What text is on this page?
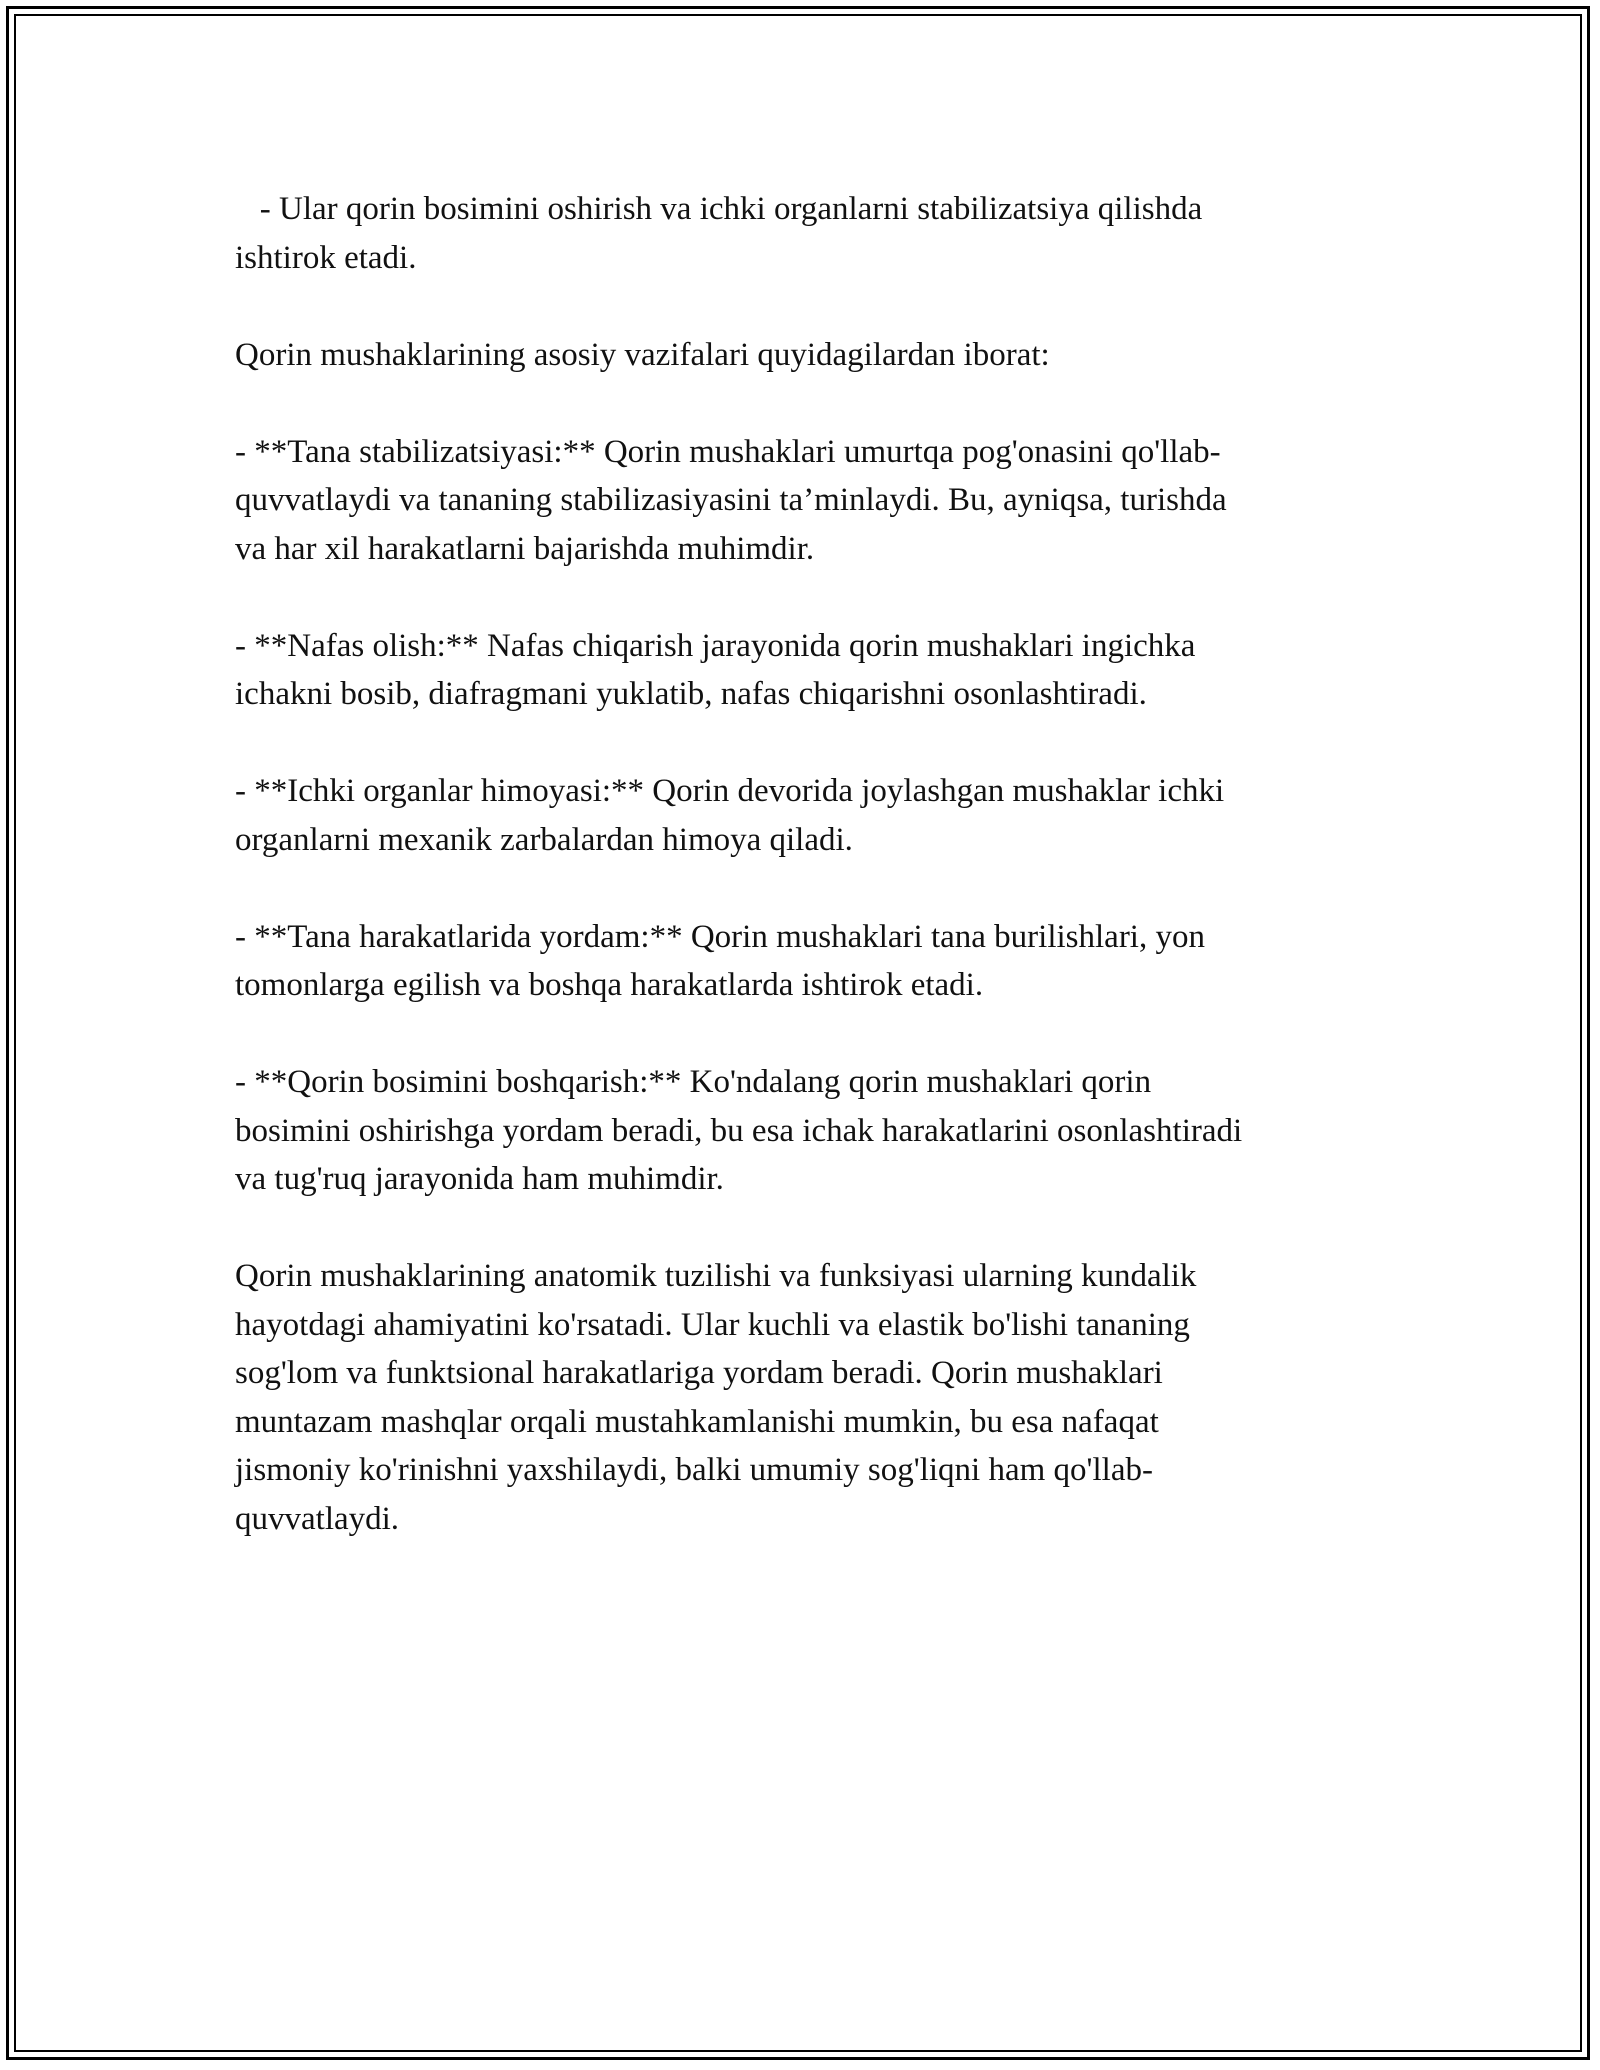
- Ular qorin bosimini oshirish va ichki organlarni stabilizatsiya qilishda
ishtirok etadi.

Qorin mushaklarining asosiy vazifalari quyidagilardan iborat:

- **Tana stabilizatsiyasi:** Qorin mushaklari umurtqa pog'onasini qo'llab-
quvvatlaydi va tananing stabilizasiyasini ta’minlaydi. Bu, ayniqsa, turishda
va har xil harakatlarni bajarishda muhimdir.

- **Nafas olish:** Nafas chiqarish jarayonida qorin mushaklari ingichka
ichakni bosib, diafragmani yuklatib, nafas chiqarishni osonlashtiradi.

- **Ichki organlar himoyasi:** Qorin devorida joylashgan mushaklar ichki
organlarni mexanik zarbalardan himoya qiladi.

- **Tana harakatlarida yordam:** Qorin mushaklari tana burilishlari, yon
tomonlarga egilish va boshqa harakatlarda ishtirok etadi.

- **Qorin bosimini boshqarish:** Ko'ndalang qorin mushaklari qorin
bosimini oshirishga yordam beradi, bu esa ichak harakatlarini osonlashtiradi
va tug'ruq jarayonida ham muhimdir.

Qorin mushaklarining anatomik tuzilishi va funksiyasi ularning kundalik
hayotdagi ahamiyatini ko'rsatadi. Ular kuchli va elastik bo'lishi tananing
sog'lom va funktsional harakatlariga yordam beradi. Qorin mushaklari
muntazam mashqlar orqali mustahkamlanishi mumkin, bu esa nafaqat
jismoniy ko'rinishni yaxshilaydi, balki umumiy sog'liqni ham qo'llab-
quvvatlaydi.
